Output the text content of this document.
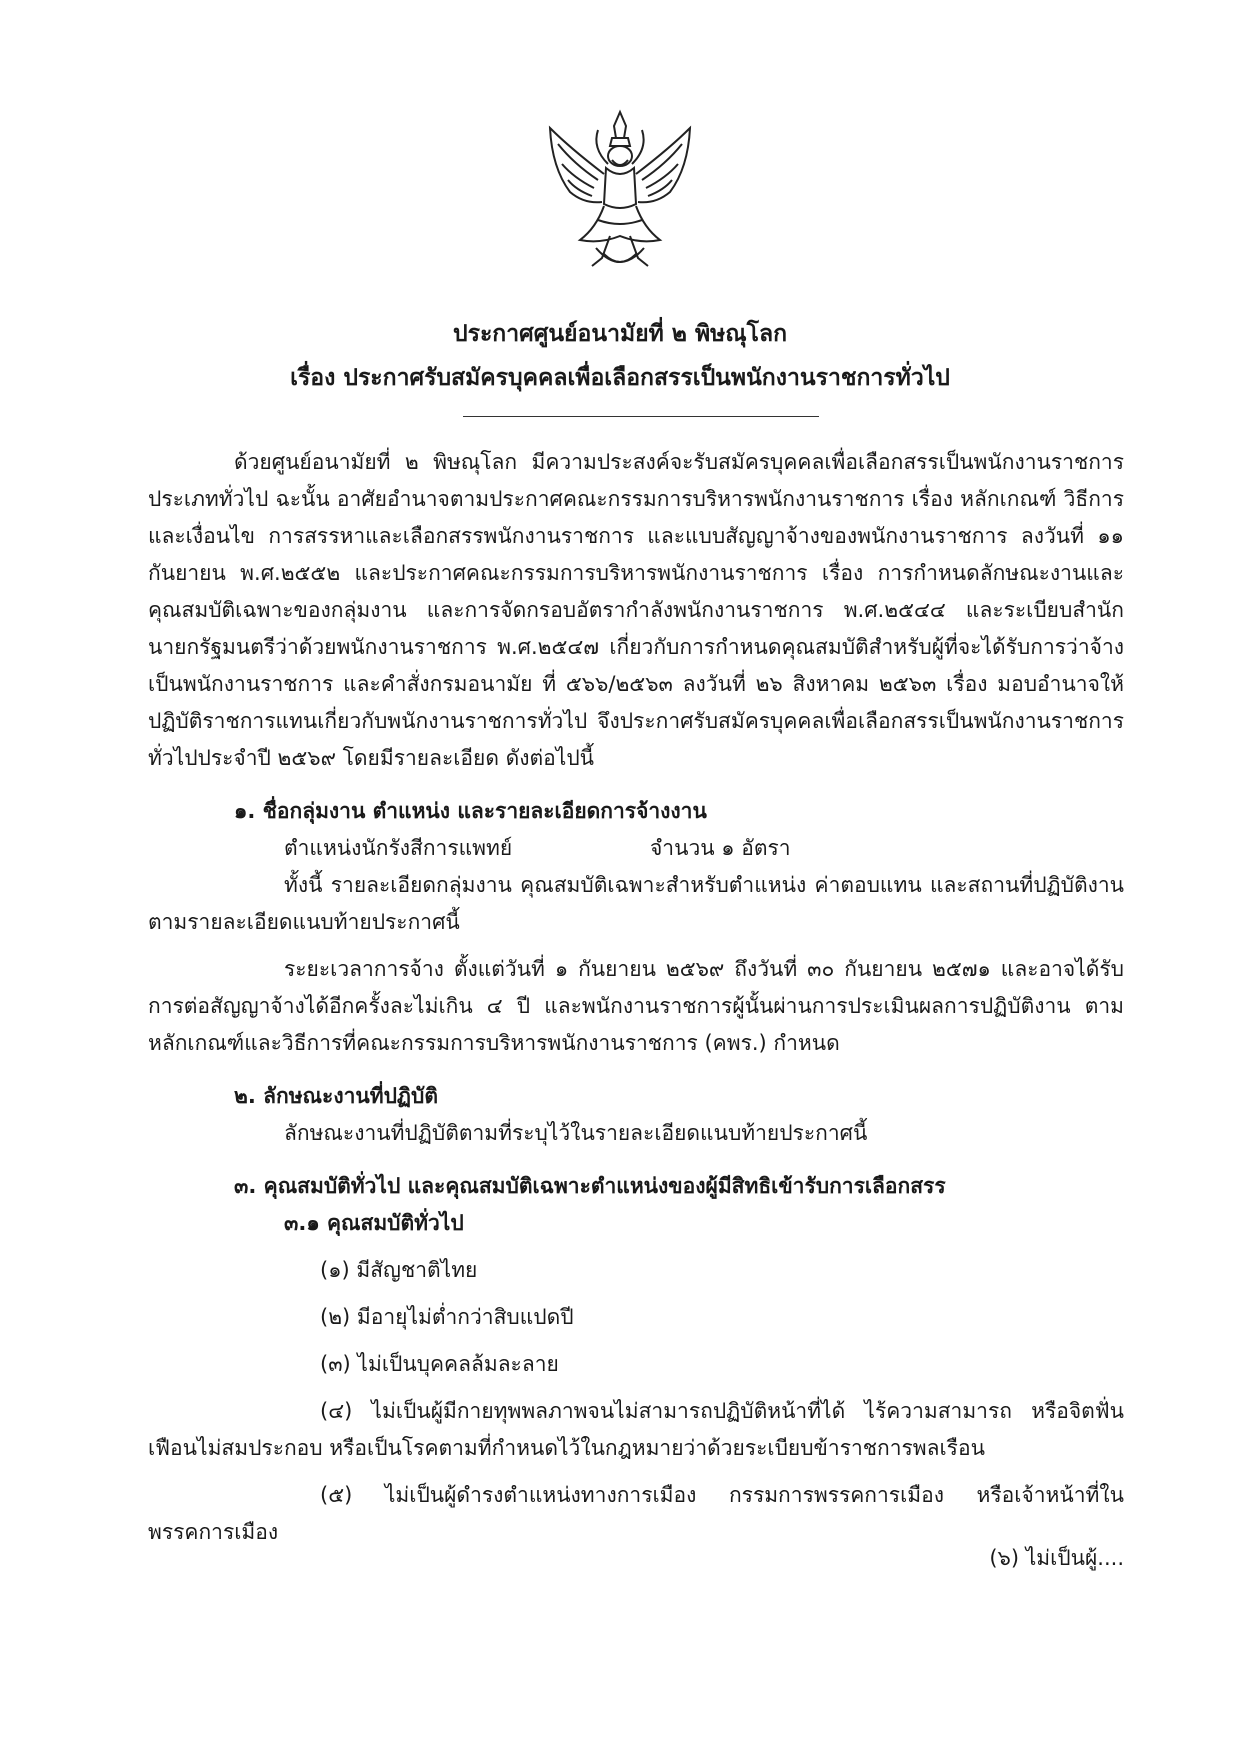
ประกาศศูนย์อนามัยที่ ๒ พิษณุโลก

เรื่อง ประกาศรับสมัครบุคคลเพื่อเลือกสรรเป็นพนักงานราชการทั่วไป

ด้วยศูนย์อนามัยที่ ๒ พิษณุโลก มีความประสงค์จะรับสมัครบุคคลเพื่อเลือกสรรเป็นพนักงานราชการประเภททั่วไป ฉะนั้น อาศัยอำนาจตามประกาศคณะกรรมการบริหารพนักงานราชการ เรื่อง หลักเกณฑ์ วิธีการ และเงื่อนไข การสรรหาและเลือกสรรพนักงานราชการ และแบบสัญญาจ้างของพนักงานราชการ ลงวันที่ ๑๑ กันยายน พ.ศ.๒๕๕๒ และประกาศคณะกรรมการบริหารพนักงานราชการ เรื่อง การกำหนดลักษณะงานและคุณสมบัติเฉพาะของกลุ่มงาน และการจัดกรอบอัตรากำลังพนักงานราชการ พ.ศ.๒๕๔๔ และระเบียบสำนักนายกรัฐมนตรีว่าด้วยพนักงานราชการ พ.ศ.๒๕๔๗ เกี่ยวกับการกำหนดคุณสมบัติสำหรับผู้ที่จะได้รับการว่าจ้างเป็นพนักงานราชการ และคำสั่งกรมอนามัย ที่ ๕๖๖/๒๕๖๓ ลงวันที่ ๒๖ สิงหาคม ๒๕๖๓ เรื่อง มอบอำนาจให้ปฏิบัติราชการแทนเกี่ยวกับพนักงานราชการทั่วไป จึงประกาศรับสมัครบุคคลเพื่อเลือกสรรเป็นพนักงานราชการทั่วไปประจำปี ๒๕๖๙ โดยมีรายละเอียด ดังต่อไปนี้

๑. ชื่อกลุ่มงาน ตำแหน่ง และรายละเอียดการจ้างงาน

ตำแหน่งนักรังสีการแพทย์	จำนวน ๑ อัตรา

ทั้งนี้ รายละเอียดกลุ่มงาน คุณสมบัติเฉพาะสำหรับตำแหน่ง ค่าตอบแทน และสถานที่ปฏิบัติงานตามรายละเอียดแนบท้ายประกาศนี้

ระยะเวลาการจ้าง ตั้งแต่วันที่ ๑ กันยายน ๒๕๖๙ ถึงวันที่ ๓๐ กันยายน ๒๕๗๑ และอาจได้รับการต่อสัญญาจ้างได้อีกครั้งละไม่เกิน ๔ ปี และพนักงานราชการผู้นั้นผ่านการประเมินผลการปฏิบัติงาน ตามหลักเกณฑ์และวิธีการที่คณะกรรมการบริหารพนักงานราชการ (คพร.) กำหนด

๒. ลักษณะงานที่ปฏิบัติ

ลักษณะงานที่ปฏิบัติตามที่ระบุไว้ในรายละเอียดแนบท้ายประกาศนี้

๓. คุณสมบัติทั่วไป และคุณสมบัติเฉพาะตำแหน่งของผู้มีสิทธิเข้ารับการเลือกสรร

๓.๑ คุณสมบัติทั่วไป

(๑) มีสัญชาติไทย

(๒) มีอายุไม่ต่ำกว่าสิบแปดปี

(๓) ไม่เป็นบุคคลล้มละลาย

(๔) ไม่เป็นผู้มีกายทุพพลภาพจนไม่สามารถปฏิบัติหน้าที่ได้ ไร้ความสามารถ หรือจิตฟั่นเฟือนไม่สมประกอบ หรือเป็นโรคตามที่กำหนดไว้ในกฎหมายว่าด้วยระเบียบข้าราชการพลเรือน

(๕) ไม่เป็นผู้ดำรงตำแหน่งทางการเมือง กรรมการพรรคการเมือง หรือเจ้าหน้าที่ในพรรคการเมือง

(๖) ไม่เป็นผู้....
